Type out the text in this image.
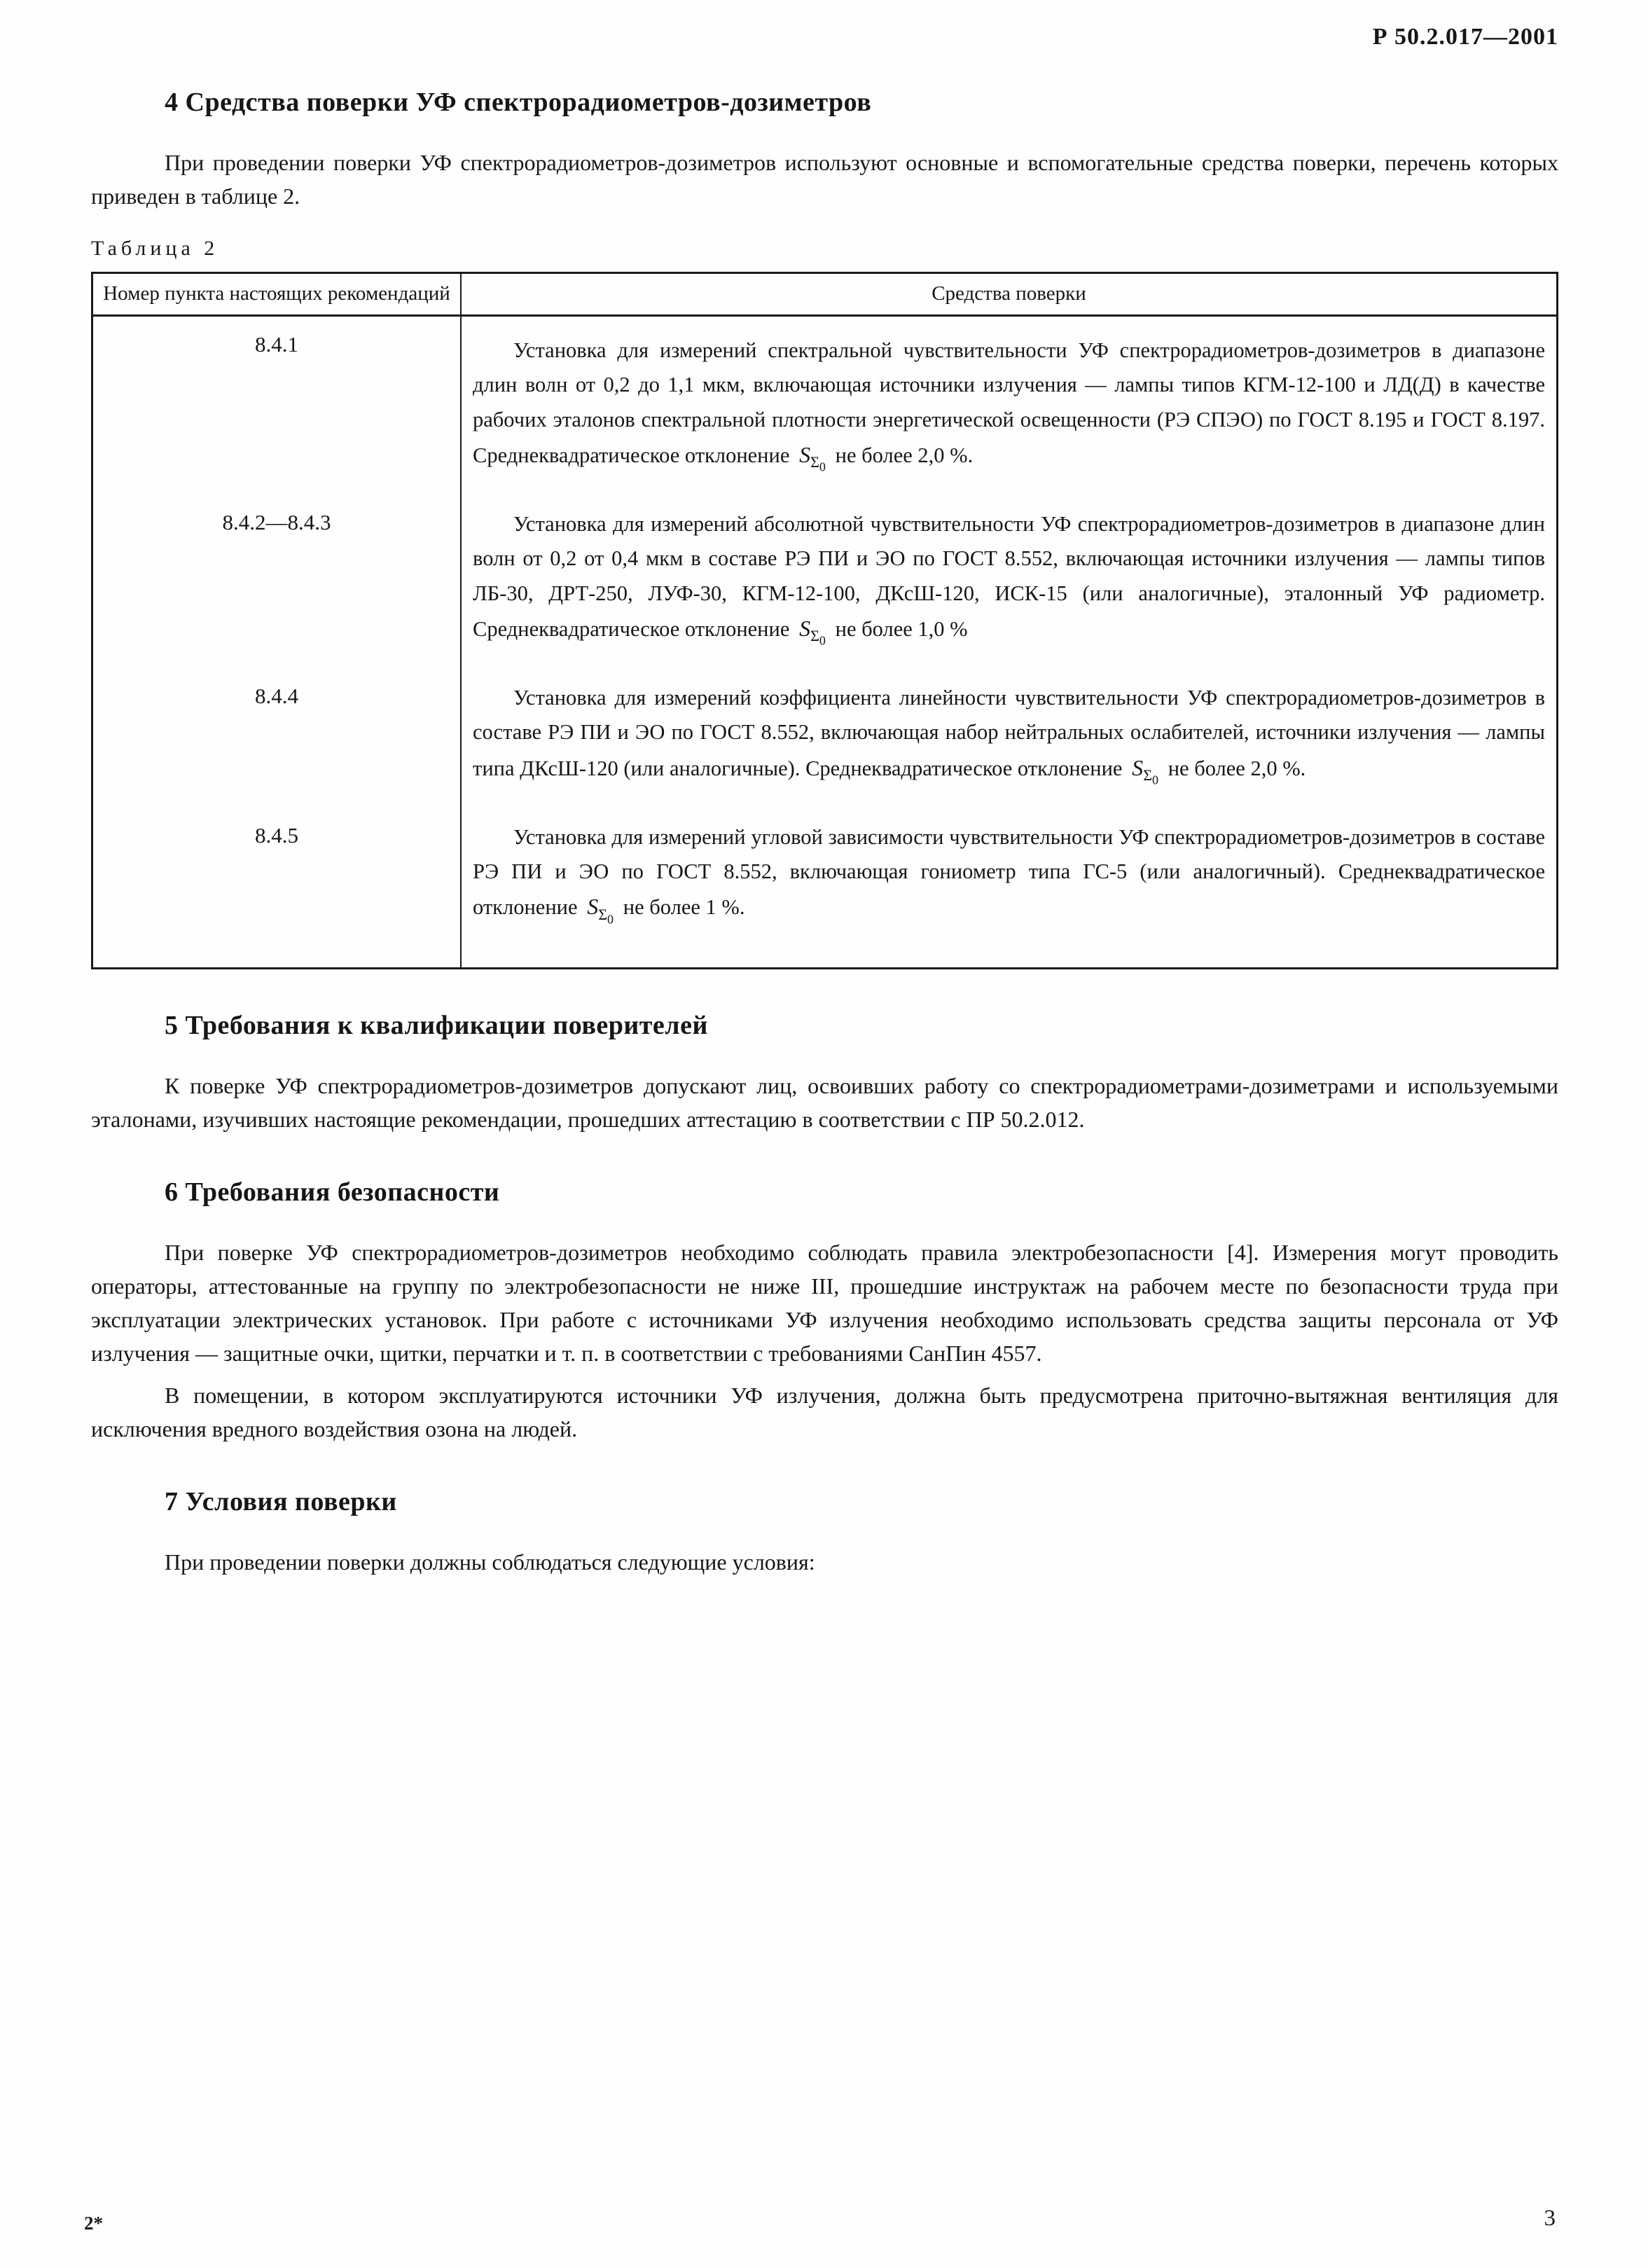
Р 50.2.017—2001
4 Средства поверки УФ спектрорадиометров-дозиметров

При проведении поверки УФ спектрорадиометров-дозиметров используют основные и вспомогательные средства поверки, перечень которых приведен в таблице 2.

Таблица 2
Номер пункта настоящих рекомендаций	Средства поверки
8.4.1	Установка для измерений спектральной чувствительности УФ спектрорадиометров-дозиметров в диапазоне длин волн от 0,2 до 1,1 мкм, включающая источники излучения — лампы типов КГМ-12-100 и ЛД(Д) в качестве рабочих эталонов спектральной плотности энергетической освещенности (РЭ СПЭО) по ГОСТ 8.195 и ГОСТ 8.197. Среднеквадратическое отклонение  $S_{\Sigma_0}$  не более 2,0 %.
8.4.2—8.4.3	Установка для измерений абсолютной чувствительности УФ спектрорадиометров-дозиметров в диапазоне длин волн от 0,2 от 0,4 мкм в составе РЭ ПИ и ЭО по ГОСТ 8.552, включающая источники излучения — лампы типов ЛБ-30, ДРТ-250, ЛУФ-30, КГМ-12-100, ДКсШ-120, ИСК-15 (или аналогичные), эталонный УФ радиометр. Среднеквадратическое отклонение  $S_{\Sigma_0}$  не более 1,0 %
8.4.4	Установка для измерений коэффициента линейности чувствительности УФ спектрорадиометров-дозиметров в составе РЭ ПИ и ЭО по ГОСТ 8.552, включающая набор нейтральных ослабителей, источники излучения — лампы типа ДКсШ-120 (или аналогичные). Среднеквадратическое отклонение  $S_{\Sigma_0}$  не более 2,0 %.
8.4.5	Установка для измерений угловой зависимости чувствительности УФ спектрорадиометров-дозиметров в составе РЭ ПИ и ЭО по ГОСТ 8.552, включающая гониометр типа ГС-5 (или аналогичный). Среднеквадратическое отклонение  $S_{\Sigma_0}$  не более 1 %.
5 Требования к квалификации поверителей

К поверке УФ спектрорадиометров-дозиметров допускают лиц, освоивших работу со спектрорадиометрами-дозиметрами и используемыми эталонами, изучивших настоящие рекомендации, прошедших аттестацию в соответствии с ПР 50.2.012.

6 Требования безопасности

При поверке УФ спектрорадиометров-дозиметров необходимо соблюдать правила электробезопасности [4]. Измерения могут проводить операторы, аттестованные на группу по электробезопасности не ниже III, прошедшие инструктаж на рабочем месте по безопасности труда при эксплуатации электрических установок. При работе с источниками УФ излучения необходимо использовать средства защиты персонала от УФ излучения — защитные очки, щитки, перчатки и т. п. в соответствии с требованиями СанПин 4557.

В помещении, в котором эксплуатируются источники УФ излучения, должна быть предусмотрена приточно-вытяжная вентиляция для исключения вредного воздействия озона на людей.

7 Условия поверки

При проведении поверки должны соблюдаться следующие условия:

2*	3
